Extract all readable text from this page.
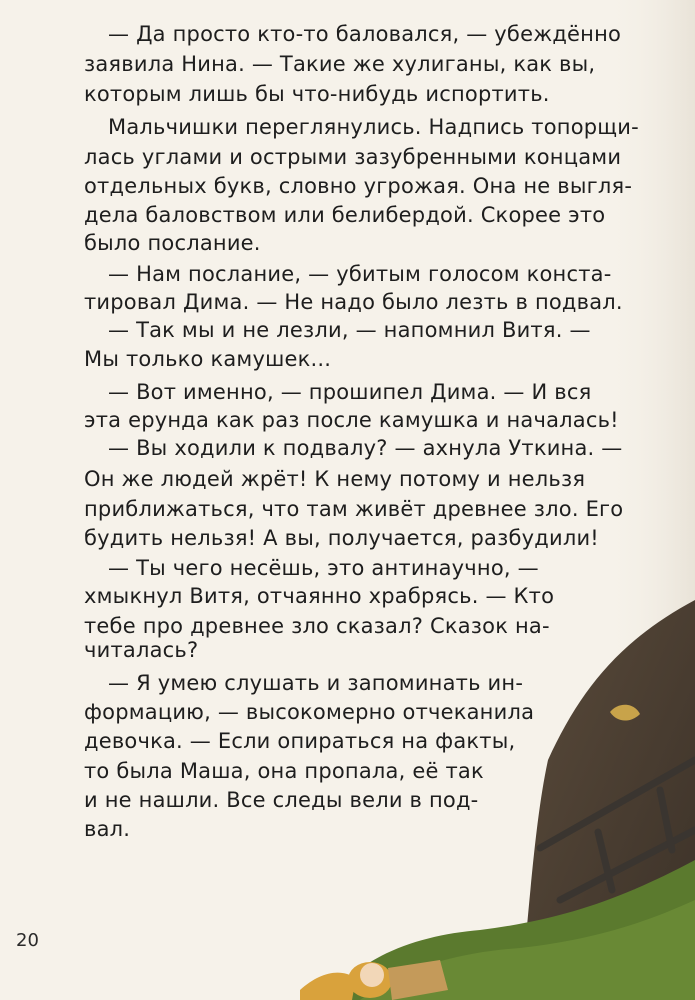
— Да просто кто-то баловался, — убеждённо

заявила Нина. — Такие же хулиганы, как вы,

которым лишь бы что-нибудь испортить.

Мальчишки переглянулись. Надпись топорщи-

лась углами и острыми зазубренными концами

отдельных букв, словно угрожая. Она не выгля-

дела баловством или белибердой. Скорее это

было послание.

— Нам послание, — убитым голосом конста-

тировал Дима. — Не надо было лезть в подвал.

— Так мы и не лезли, — напомнил Витя. —

Мы только камушек...

— Вот именно, — прошипел Дима. — И вся

эта ерунда как раз после камушка и началась!

— Вы ходили к подвалу? — ахнула Уткина. —

Он же людей жрёт! К нему потому и нельзя

приближаться, что там живёт древнее зло. Его

будить нельзя! А вы, получается, разбудили!

— Ты чего несёшь, это антинаучно, —

хмыкнул Витя, отчаянно храбрясь. — Кто

тебе про древнее зло сказал? Сказок на-

читалась?

— Я умею слушать и запоминать ин-

формацию, — высокомерно отчеканила

девочка. — Если опираться на факты,

то была Маша, она пропала, её так

и не нашли. Все следы вели в под-

вал.

20
